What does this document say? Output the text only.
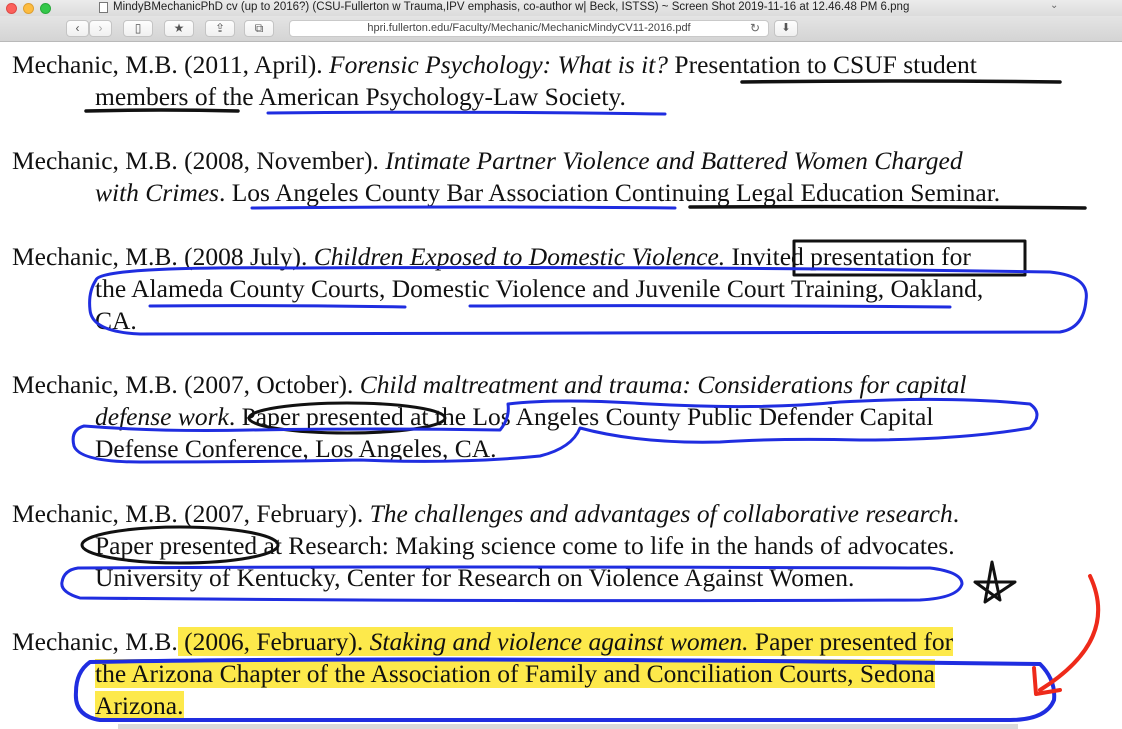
MindyBMechanicPhD cv (up to 2016?) (CSU-Fullerton w Trauma,IPV emphasis, co-author w| Beck, ISTSS) ~ Screen Shot 2019-11-16 at 12.46.48 PM 6.png	⌄
‹	›	▯	★	⇪	⧉	hpri.fullerton.edu/Faculty/Mechanic/MechanicMindyCV11-2016.pdf	↻	⬇
Mechanic, M.B. (2011, April). Forensic Psychology: What is it? Presentation to CSUF student
members of the American Psychology-Law Society.
Mechanic, M.B. (2008, November). Intimate Partner Violence and Battered Women Charged
with Crimes. Los Angeles County Bar Association Continuing Legal Education Seminar.
Mechanic, M.B. (2008 July). Children Exposed to Domestic Violence. Invited presentation for
the Alameda County Courts, Domestic Violence and Juvenile Court Training, Oakland,
CA.
Mechanic, M.B. (2007, October). Child maltreatment and trauma: Considerations for capital
defense work. Paper presented at the Los Angeles County Public Defender Capital
Defense Conference, Los Angeles, CA.
Mechanic, M.B. (2007, February). The challenges and advantages of collaborative research.
Paper presented at Research: Making science come to life in the hands of advocates.
University of Kentucky, Center for Research on Violence Against Women.
Mechanic, M.B. (2006, February). Staking and violence against women. Paper presented for
the Arizona Chapter of the Association of Family and Conciliation Courts, Sedona
Arizona.
